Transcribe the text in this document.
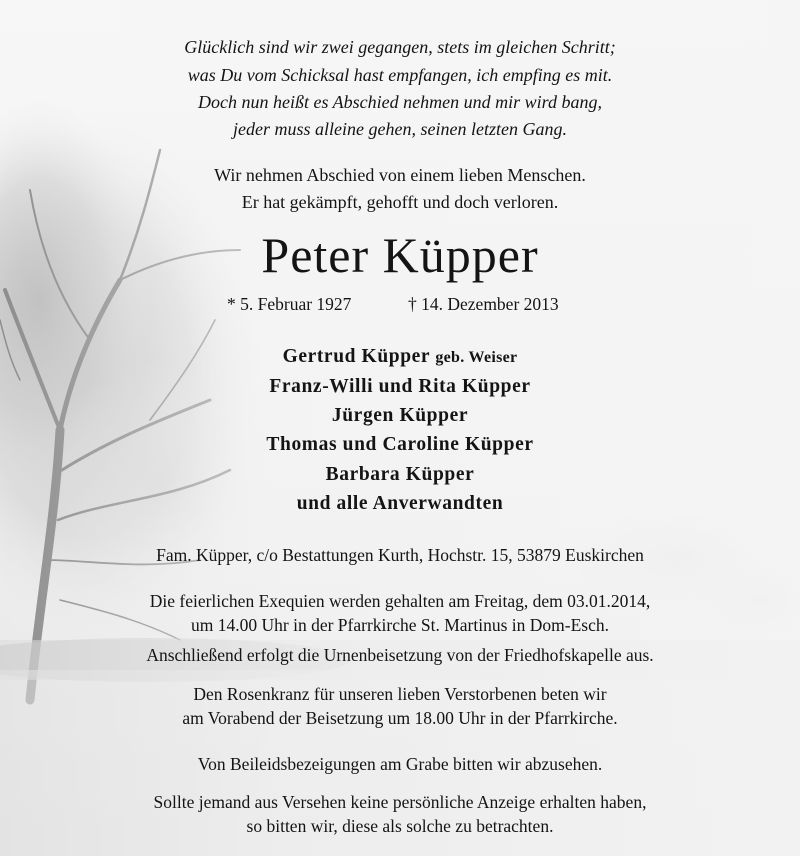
Glücklich sind wir zwei gegangen, stets im gleichen Schritt;

was Du vom Schicksal hast empfangen, ich empfing es mit.

Doch nun heißt es Abschied nehmen und mir wird bang,

jeder muss alleine gehen, seinen letzten Gang.

Wir nehmen Abschied von einem lieben Menschen.

Er hat gekämpft, gehofft und doch verloren.

Peter Küpper

* 5. Februar 1927	† 14. Dezember 2013

Gertrud Küpper geb. Weiser

Franz-Willi und Rita Küpper

Jürgen Küpper

Thomas und Caroline Küpper

Barbara Küpper

und alle Anverwandten

Fam. Küpper, c/o Bestattungen Kurth, Hochstr. 15, 53879 Euskirchen

Die feierlichen Exequien werden gehalten am Freitag, dem 03.01.2014,

um 14.00 Uhr in der Pfarrkirche St. Martinus in Dom-Esch.

Anschließend erfolgt die Urnenbeisetzung von der Friedhofskapelle aus.

Den Rosenkranz für unseren lieben Verstorbenen beten wir

am Vorabend der Beisetzung um 18.00 Uhr in der Pfarrkirche.

Von Beileidsbezeigungen am Grabe bitten wir abzusehen.

Sollte jemand aus Versehen keine persönliche Anzeige erhalten haben,

so bitten wir, diese als solche zu betrachten.
